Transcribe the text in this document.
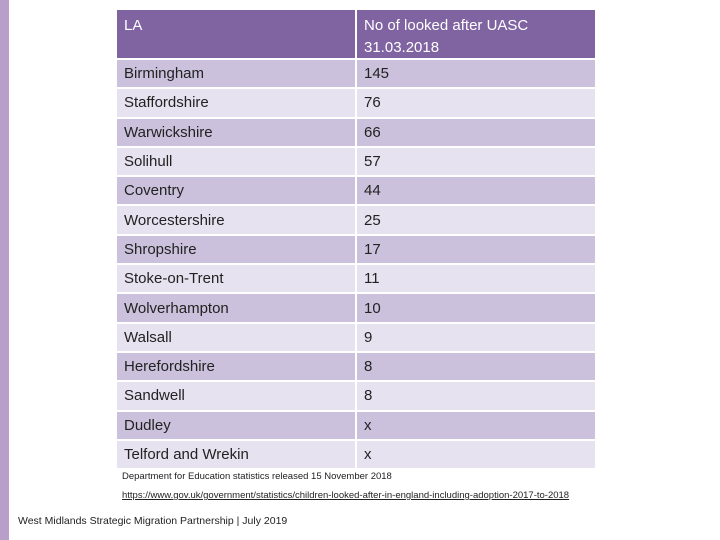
LA	No of looked after UASC 31.03.2018
Birmingham	145
Staffordshire	76
Warwickshire	66
Solihull	57
Coventry	44
Worcestershire	25
Shropshire	17
Stoke-on-Trent	11
Wolverhampton	10
Walsall	9
Herefordshire	8
Sandwell	8
Dudley	x
Telford and Wrekin	x
Department for Education statistics released 15 November 2018
https://www.gov.uk/government/statistics/children-looked-after-in-england-including-adoption-2017-to-2018
West Midlands Strategic Migration Partnership | July 2019
